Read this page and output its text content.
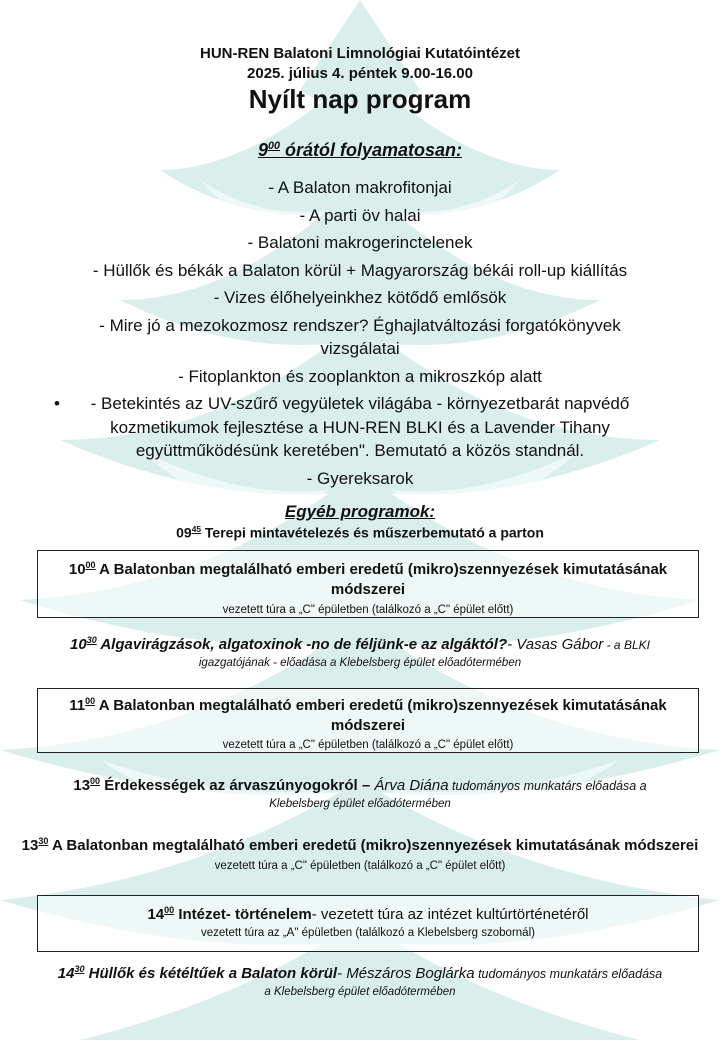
HUN-REN Balatoni Limnológiai Kutatóintézet
2025. július 4. péntek 9.00-16.00
Nyílt nap program
$9^{00}$ órától folyamatosan:
- A Balaton makrofitonjai
- A parti öv halai
- Balatoni makrogerinctelenek
- Hüllők és békák a Balaton körül + Magyarország békái roll-up kiállítás
- Vizes élőhelyeinkhez kötődő emlősök
- Mire jó a mezokozmosz rendszer? Éghajlatváltozási forgatókönyvek vizsgálatai
- Fitoplankton és zooplankton a mikroszkóp alatt
• - Betekintés az UV-szűrő vegyületek világába - környezetbarát napvédő kozmetikumok fejlesztése a HUN-REN BLKI és a Lavender Tihany együttműködésünk keretében". Bemutató a közös standnál.
- Gyereksarok
Egyéb programok:
$09^{45}$ Terepi mintavételezés és műszerbemutató a parton
$10^{00}$ A Balatonban megtalálható emberi eredetű (mikro)szennyezések kimutatásának módszerei
vezetett túra a „C" épületben (találkozó a „C" épület előtt)
$10^{30}$ Algavirágzások, algatoxinok -no de féljünk-e az algáktól?- Vasas Gábor - a BLKI
igazgatójának - előadása a Klebelsberg épület előadótermében
$11^{00}$ A Balatonban megtalálható emberi eredetű (mikro)szennyezések kimutatásának módszerei
vezetett túra a „C" épületben (találkozó a „C" épület előtt)
$13^{00}$ Érdekességek az árvaszúnyogokról – Árva Diána tudományos munkatárs előadása a
Klebelsberg épület előadótermében
$13^{30}$ A Balatonban megtalálható emberi eredetű (mikro)szennyezések kimutatásának módszerei
vezetett túra a „C" épületben (találkozó a „C" épület előtt)
$14^{00}$ Intézet- történelem- vezetett túra az intézet kultúrtörténetéről
vezetett túra az „A" épületben (találkozó a Klebelsberg szobornál)
$14^{30}$ Hüllők és kétéltűek a Balaton körül- Mészáros Boglárka tudományos munkatárs előadása
a Klebelsberg épület előadótermében
